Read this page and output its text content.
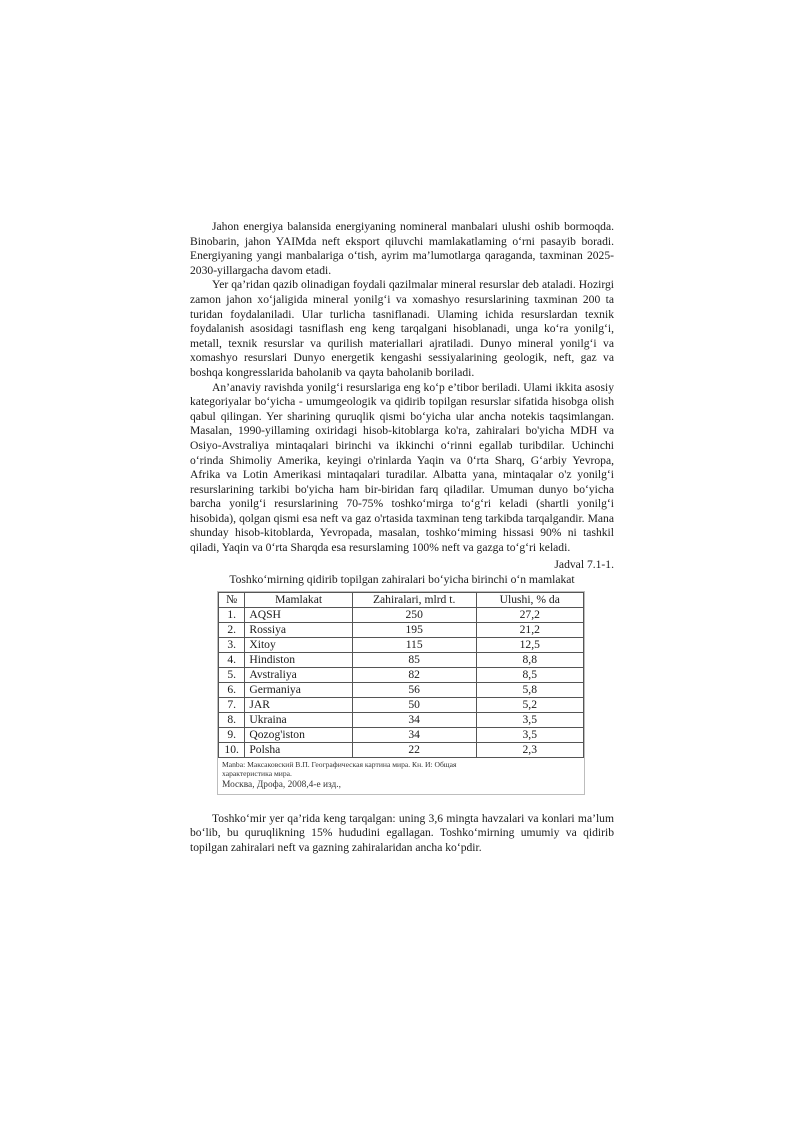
Jahon energiya balansida energiyaning nomineral manbalari ulushi oshib bormoqda. Binobarin, jahon YAIMda neft eksport qiluvchi mamlakatlaming o‘rni pasayib boradi. Energiyaning yangi manbalariga o‘tish, ayrim ma’lumotlarga qaraganda, taxminan 2025-2030-yillargacha davom etadi.

Yer qa’ridan qazib olinadigan foydali qazilmalar mineral resurslar deb ataladi. Hozirgi zamon jahon xo‘jaligida mineral yonilg‘i va xomashyo resurslarining taxminan 200 ta turidan foydalaniladi. Ular turlicha tasniflanadi. Ulaming ichida resurslardan texnik foydalanish asosidagi tasniflash eng keng tarqalgani hisoblanadi, unga ko‘ra yonilg‘i, metall, texnik resurslar va qurilish materiallari ajratiladi. Dunyo mineral yonilg‘i va xomashyo resurslari Dunyo energetik kengashi sessiyalarining geologik, neft, gaz va boshqa kongresslarida baholanib va qayta baholanib boriladi.

An’anaviy ravishda yonilg‘i resurslariga eng ko‘p e’tibor beriladi. Ulami ikkita asosiy kategoriyalar bo‘yicha - umumgeologik va qidirib topilgan resurslar sifatida hisobga olish qabul qilingan. Yer sharining quruqlik qismi bo‘yicha ular ancha notekis taqsimlangan. Masalan, 1990-yillaming oxiridagi hisob-kitoblarga ko'ra, zahiralari bo'yicha MDH va Osiyo-Avstraliya mintaqalari birinchi va ikkinchi o‘rinni egallab turibdilar. Uchinchi o‘rinda Shimoliy Amerika, keyingi o'rinlarda Yaqin va 0‘rta Sharq, G‘arbiy Yevropa, Afrika va Lotin Amerikasi mintaqalari turadilar. Albatta yana, mintaqalar o'z yonilg‘i resurslarining tarkibi bo'yicha ham bir-biridan farq qiladilar. Umuman dunyo bo‘yicha barcha yonilg‘i resurslarining 70-75% toshko‘mirga to‘g‘ri keladi (shartli yonilg‘i hisobida), qolgan qismi esa neft va gaz o'rtasida taxminan teng tarkibda tarqalgandir. Mana shunday hisob-kitoblarda, Yevropada, masalan, toshko‘miming hissasi 90% ni tashkil qiladi, Yaqin va 0‘rta Sharqda esa resurslaming 100% neft va gazga to‘g‘ri keladi.

Jadval 7.1-1.
Toshko‘mirning qidirib topilgan zahiralari bo‘yicha birinchi o‘n mamlakat
№	Mamlakat	Zahiralari, mlrd t.	Ulushi, % da
1.	AQSH	250	27,2
2.	Rossiya	195	21,2
3.	Xitoy	115	12,5
4.	Hindiston	85	8,8
5.	Avstraliya	82	8,5
6.	Germaniya	56	5,8
7.	JAR	50	5,2
8.	Ukraina	34	3,5
9.	Qozog'iston	34	3,5
10.	Polsha	22	2,3
Manba: Максаковский В.П. Географическая картина мира. Кн. И: Общая
характеристика мира.
Москва, Дрофа, 2008,4-е изд.,

Toshko‘mir yer qa’rida keng tarqalgan: uning 3,6 mingta havzalari va konlari ma’lum bo‘lib, bu quruqlikning 15% hududini egallagan. Toshko‘mirning umumiy va qidirib topilgan zahiralari neft va gazning zahiralaridan ancha ko‘pdir.
